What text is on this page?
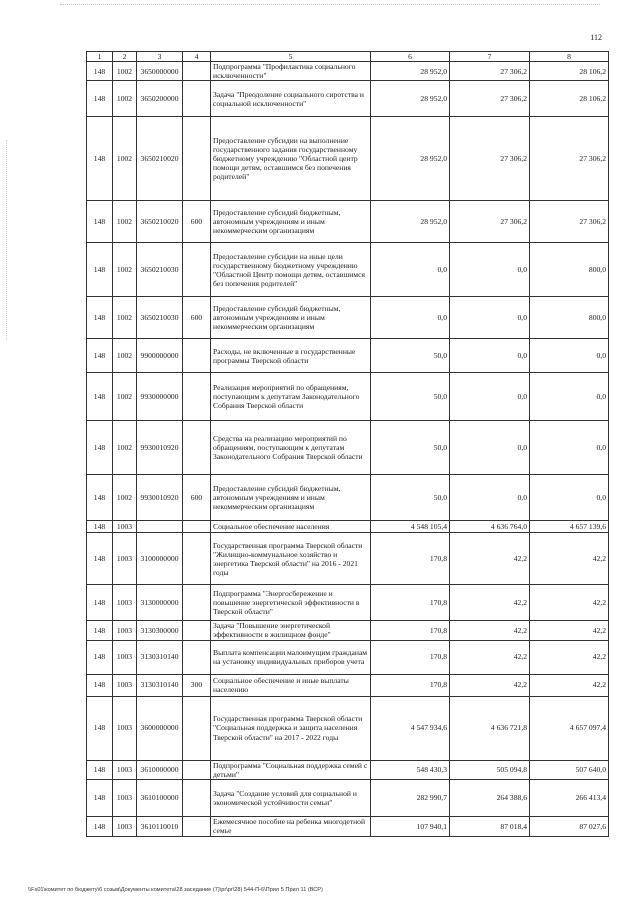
112
1	2	3	4	5	6	7	8
148	1002	3650000000		Подпрограмма "Профилактика социального исключенности"	28 952,0	27 306,2	28 106,2
148	1002	3650200000		Задача "Преодоление социального сиротства и социальной исключенности"	28 952,0	27 306,2	28 106,2
148	1002	3650210020		Предоставление субсидии на выполнение государственного задания государственному бюджетному учреждению "Областной центр помощи детям, оставшимся без попечения родителей"	28 952,0	27 306,2	27 306,2
148	1002	3650210020	600	Предоставление субсидий бюджетным, автономным учреждениям и иным некоммерческим организациям	28 952,0	27 306,2	27 306,2
148	1002	3650210030		Предоставление субсидии на иные цели государственному бюджетному учреждению "Областной Центр помощи детям, оставшимся без попечения родителей"	0,0	0,0	800,0
148	1002	3650210030	600	Предоставление субсидий бюджетным, автономным учреждениям и иным некоммерческим организациям	0,0	0,0	800,0
148	1002	9900000000		Расходы, не включенные в государственные программы Тверской области	50,0	0,0	0,0
148	1002	9930000000		Реализация мероприятий по обращениям, поступающим к депутатам Законодательного Собрания Тверской области	50,0	0,0	0,0
148	1002	9930010920		Средства на реализацию мероприятий по обращениям, поступающим к депутатам Законодательного Собрания Тверской области	50,0	0,0	0,0
148	1002	9930010920	600	Предоставление субсидий бюджетным, автономным учреждениям и иным некоммерческим организациям	50,0	0,0	0,0
148	1003			Социальное обеспечение населения	4 548 105,4	4 636 764,0	4 657 139,6
148	1003	3100000000		Государственная программа Тверской области "Жилищно-коммунальное хозяйство и энергетика Тверской области" на 2016 - 2021 годы	170,8	42,2	42,2
148	1003	3130000000		Подпрограмма "Энергосбережение и повышение энергетической эффективности в Тверской области"	170,8	42,2	42,2
148	1003	3130300000		Задача "Повышение энергетической эффективности в жилищном фонде"	170,8	42,2	42,2
148	1003	3130310140		Выплата компенсации малоимущим гражданам на установку индивидуальных приборов учета	170,8	42,2	42,2
148	1003	3130310140	300	Социальное обеспечение и иные выплаты населению	170,8	42,2	42,2
148	1003	3600000000		Государственная программа Тверской области "Социальная поддержка и защита населения Тверской области" на 2017 - 2022 годы	4 547 934,6	4 636 721,8	4 657 097,4
148	1003	3610000000		Подпрограмма "Социальная поддержка семей с детьми"	548 430,3	505 094,8	507 640,0
148	1003	3610100000		Задача "Создание условий для социальной и экономической устойчивости семьи"	282 990,7	264 388,6	266 413,4
148	1003	3610110010		Ежемесячное пособие на ребенка многодетной семье	107 940,1	87 018,4	87 027,6
\\Fs01\комитет по бюджету\6 созыв\Документы комитета\28 заседание (7)\pr\pr\28) 544-П-6\Прил 5 Прил 11 (ВСР)
